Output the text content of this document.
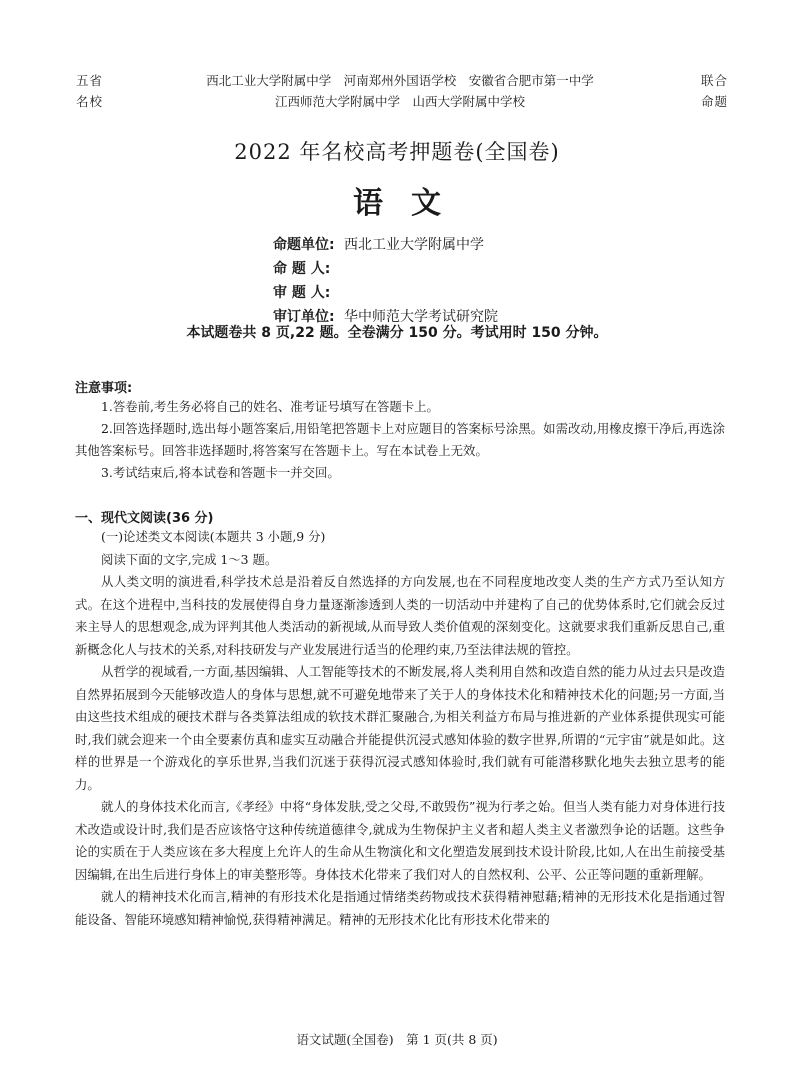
五省
名校
西北工业大学附属中学　河南郑州外国语学校　安徽省合肥市第一中学
江西师范大学附属中学　山西大学附属中学校
联合
命题
2022 年名校高考押题卷(全国卷)
语文
命题单位: 西北工业大学附属中学
命 题 人:
审 题 人:
审订单位: 华中师范大学考试研究院
本试题卷共 8 页,22 题。全卷满分 150 分。考试用时 150 分钟。
注意事项:

1.答卷前,考生务必将自己的姓名、准考证号填写在答题卡上。

2.回答选择题时,选出每小题答案后,用铅笔把答题卡上对应题目的答案标号涂黑。如需改动,用橡皮擦干净后,再选涂其他答案标号。回答非选择题时,将答案写在答题卡上。写在本试卷上无效。

3.考试结束后,将本试卷和答题卡一并交回。

一、现代文阅读(36 分)

(一)论述类文本阅读(本题共 3 小题,9 分)

阅读下面的文字,完成 1～3 题。

从人类文明的演进看,科学技术总是沿着反自然选择的方向发展,也在不同程度地改变人类的生产方式乃至认知方式。在这个进程中,当科技的发展使得自身力量逐渐渗透到人类的一切活动中并建构了自己的优势体系时,它们就会反过来主导人的思想观念,成为评判其他人类活动的新视域,从而导致人类价值观的深刻变化。这就要求我们重新反思自己,重新概念化人与技术的关系,对科技研发与产业发展进行适当的伦理约束,乃至法律法规的管控。

从哲学的视域看,一方面,基因编辑、人工智能等技术的不断发展,将人类利用自然和改造自然的能力从过去只是改造自然界拓展到今天能够改造人的身体与思想,就不可避免地带来了关于人的身体技术化和精神技术化的问题;另一方面,当由这些技术组成的硬技术群与各类算法组成的软技术群汇聚融合,为相关利益方布局与推进新的产业体系提供现实可能时,我们就会迎来一个由全要素仿真和虚实互动融合并能提供沉浸式感知体验的数字世界,所谓的“元宇宙”就是如此。这样的世界是一个游戏化的享乐世界,当我们沉迷于获得沉浸式感知体验时,我们就有可能潜移默化地失去独立思考的能力。

就人的身体技术化而言,《孝经》中将“身体发肤,受之父母,不敢毁伤”视为行孝之始。但当人类有能力对身体进行技术改造或设计时,我们是否应该恪守这种传统道德律令,就成为生物保护主义者和超人类主义者激烈争论的话题。这些争论的实质在于人类应该在多大程度上允许人的生命从生物演化和文化塑造发展到技术设计阶段,比如,人在出生前接受基因编辑,在出生后进行身体上的审美整形等。身体技术化带来了我们对人的自然权利、公平、公正等问题的重新理解。

就人的精神技术化而言,精神的有形技术化是指通过情绪类药物或技术获得精神慰藉;精神的无形技术化是指通过智能设备、智能环境感知精神愉悦,获得精神满足。精神的无形技术化比有形技术化带来的

语文试题(全国卷)　第 1 页(共 8 页)
